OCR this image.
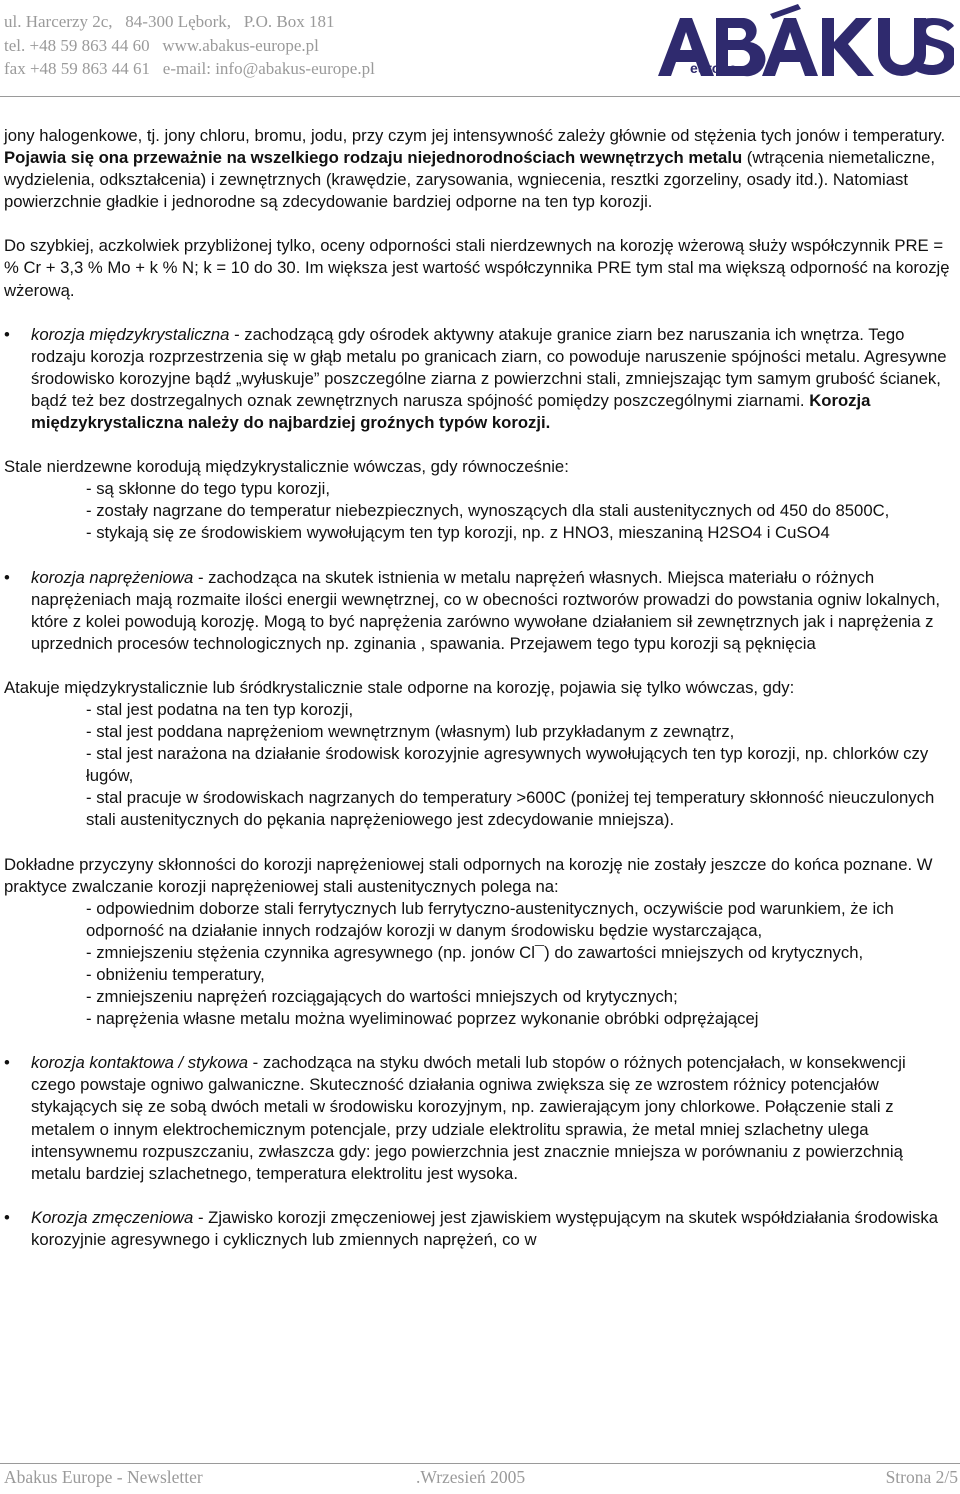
ul. Harcerzy 2c,   84-300 Lębork,   P.O. Box 181
tel. +48 59 863 44 60   www.abakus-europe.pl
fax +48 59 863 44 61   e-mail: info@abakus-europe.pl	europe

jony halogenkowe, tj. jony chloru, bromu, jodu, przy czym jej intensywność zależy głównie od stężenia tych jonów i temperatury. Pojawia się ona przeważnie na wszelkiego rodzaju niejednorodnościach wewnętrzych metalu (wtrącenia niemetaliczne, wydzielenia, odkształcenia) i zewnętrznych (krawędzie, zarysowania, wgniecenia, resztki zgorzeliny, osady itd.). Natomiast powierzchnie gładkie i jednorodne są zdecydowanie bardziej odporne na ten typ korozji.

Do szybkiej, aczkolwiek przybliżonej tylko, oceny odporności stali nierdzewnych na korozję wżerową służy współczynnik PRE = % Cr + 3,3 % Mo + k % N; k = 10 do 30. Im większa jest wartość współczynnika PRE tym stal ma większą odporność na korozję wżerową.

• korozja międzykrystaliczna - zachodzącą gdy ośrodek aktywny atakuje granice ziarn bez naruszania ich wnętrza. Tego rodzaju korozja rozprzestrzenia się w głąb metalu po granicach ziarn, co powoduje naruszenie spójności metalu. Agresywne środowisko korozyjne bądź „wyłuskuje” poszczególne ziarna z powierzchni stali, zmniejszając tym samym grubość ścianek, bądź też bez dostrzegalnych oznak zewnętrznych narusza spójność pomiędzy poszczególnymi ziarnami. Korozja międzykrystaliczna należy do najbardziej groźnych typów korozji.

Stale nierdzewne korodują międzykrystalicznie wówczas, gdy równocześnie:

- są skłonne do tego typu korozji,

- zostały nagrzane do temperatur niebezpiecznych, wynoszących dla stali austenitycznych od 450 do 8500C,

- stykają się ze środowiskiem wywołującym ten typ korozji, np. z HNO3, mieszaniną H2SO4 i CuSO4

• korozja naprężeniowa - zachodząca na skutek istnienia w metalu naprężeń własnych. Miejsca materiału o różnych naprężeniach mają rozmaite ilości energii wewnętrznej, co w obecności roztworów prowadzi do powstania ogniw lokalnych, które z kolei powodują korozję. Mogą to być naprężenia zarówno wywołane działaniem sił zewnętrznych jak i naprężenia z uprzednich procesów technologicznych np. zginania , spawania. Przejawem tego typu korozji są pęknięcia

Atakuje międzykrystalicznie lub śródkrystalicznie stale odporne na korozję, pojawia się tylko wówczas, gdy:

- stal jest podatna na ten typ korozji,

- stal jest poddana naprężeniom wewnętrznym (własnym) lub przykładanym z zewnątrz,

- stal jest narażona na działanie środowisk korozyjnie agresywnych wywołujących ten typ korozji, np. chlorków czy ługów,

- stal pracuje w środowiskach nagrzanych do temperatury >600C (poniżej tej temperatury skłonność nieuczulonych stali austenitycznych do pękania naprężeniowego jest zdecydowanie mniejsza).

Dokładne przyczyny skłonności do korozji naprężeniowej stali odpornych na korozję nie zostały jeszcze do końca poznane. W praktyce zwalczanie korozji naprężeniowej stali austenitycznych polega na:

- odpowiednim doborze stali ferrytycznych lub ferrytyczno-austenitycznych, oczywiście pod warunkiem, że ich odporność na działanie innych rodzajów korozji w danym środowisku będzie wystarczająca,

- zmniejszeniu stężenia czynnika agresywnego (np. jonów Cl¯) do zawartości mniejszych od krytycznych,

- obniżeniu temperatury,

- zmniejszeniu naprężeń rozciągających do wartości mniejszych od krytycznych;

- naprężenia własne metalu można wyeliminować poprzez wykonanie obróbki odprężającej

• korozja kontaktowa / stykowa - zachodząca na styku dwóch metali lub stopów o różnych potencjałach, w konsekwencji czego powstaje ogniwo galwaniczne. Skuteczność działania ogniwa zwiększa się ze wzrostem różnicy potencjałów stykających się ze sobą dwóch metali w środowisku korozyjnym, np. zawierającym jony chlorkowe. Połączenie stali z metalem o innym elektrochemicznym potencjale, przy udziale elektrolitu sprawia, że metal mniej szlachetny ulega intensywnemu rozpuszczaniu, zwłaszcza gdy: jego powierzchnia jest znacznie mniejsza w porównaniu z powierzchnią metalu bardziej szlachetnego, temperatura elektrolitu jest wysoka.
• Korozja zmęczeniowa - Zjawisko korozji zmęczeniowej jest zjawiskiem występującym na skutek współdziałania środowiska korozyjnie agresywnego i cyklicznych lub zmiennych naprężeń, co w
Abakus Europe - Newsletter	.Wrzesień 2005	Strona 2/5
